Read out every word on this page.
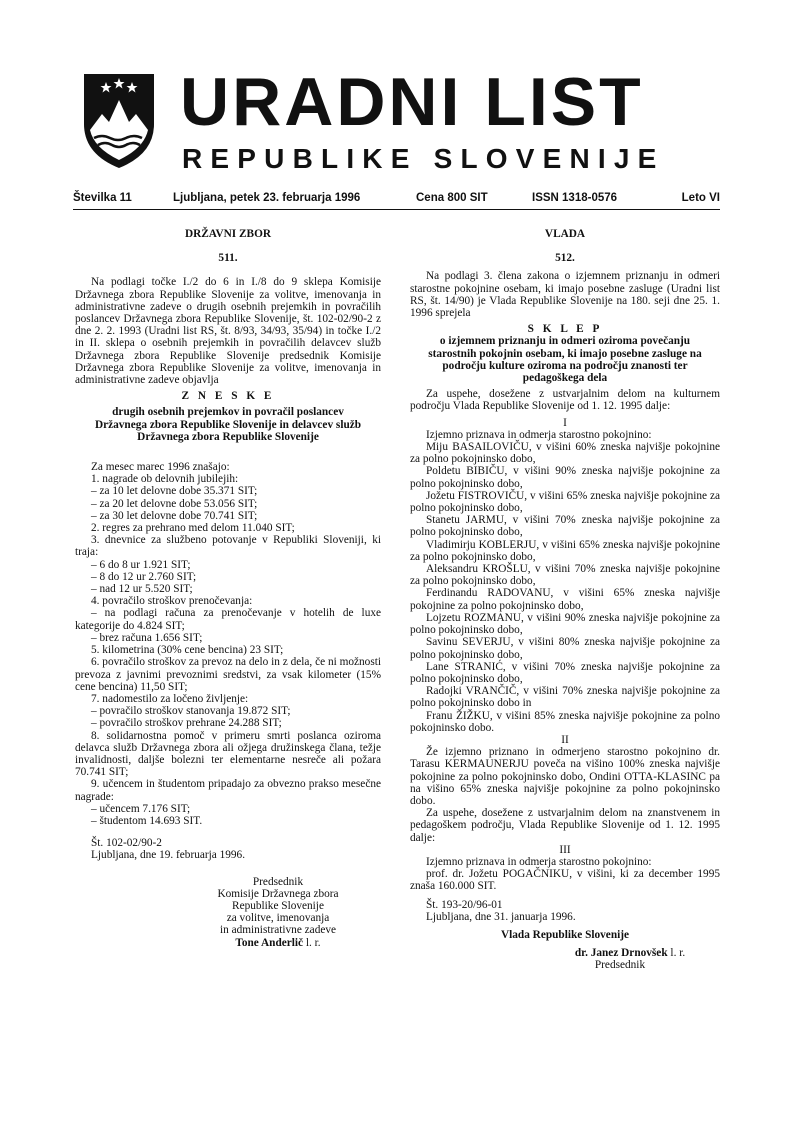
URADNI LIST
REPUBLIKE SLOVENIJE
Številka 11	Ljubljana, petek 23. februarja 1996	Cena 800 SIT	ISSN 1318-0576	Leto VI

DRŽAVNI ZBOR

511.

Na podlagi točke I./2 do 6 in I./8 do 9 sklepa Komisije Državnega zbora Republike Slovenije za volitve, imenovanja in administrativne zadeve o drugih osebnih prejemkih in povračilih poslancev Državnega zbora Republike Slovenije, št. 102-02/90-2 z dne 2. 2. 1993 (Uradni list RS, št. 8/93, 34/93, 35/94) in točke I./2 in II. sklepa o osebnih prejemkih in povračilih delavcev služb Državnega zbora Republike Slovenije predsednik Komisije Državnega zbora Republike Slovenije za volitve, imenovanja in administrativne zadeve objavlja

Z N E S K E

drugih osebnih prejemkov in povračil poslancev Državnega zbora Republike Slovenije in delavcev služb Državnega zbora Republike Slovenije

Za mesec marec 1996 znašajo:

1. nagrade ob delovnih jubilejih:

– za 10 let delovne dobe 35.371 SIT;

– za 20 let delovne dobe 53.056 SIT;

– za 30 let delovne dobe 70.741 SIT;

2. regres za prehrano med delom 11.040 SIT;

3. dnevnice za službeno potovanje v Republiki Sloveniji, ki traja:

– 6 do 8 ur 1.921 SIT;

– 8 do 12 ur 2.760 SIT;

– nad 12 ur 5.520 SIT;

4. povračilo stroškov prenočevanja:

– na podlagi računa za prenočevanje v hotelih de luxe kategorije do 4.824 SIT;

– brez računa 1.656 SIT;

5. kilometrina (30% cene bencina) 23 SIT;

6. povračilo stroškov za prevoz na delo in z dela, če ni možnosti prevoza z javnimi prevoznimi sredstvi, za vsak kilometer (15% cene bencina) 11,50 SIT;

7. nadomestilo za ločeno življenje:

– povračilo stroškov stanovanja 19.872 SIT;

– povračilo stroškov prehrane 24.288 SIT;

8. solidarnostna pomoč v primeru smrti poslanca oziroma delavca služb Državnega zbora ali ožjega družinskega člana, težje invalidnosti, daljše bolezni ter elementarne nesreče ali požara 70.741 SIT;

9. učencem in študentom pripadajo za obvezno prakso mesečne nagrade:

– učencem 7.176 SIT;

– študentom 14.693 SIT.

Št. 102-02/90-2

Ljubljana, dne 19. februarja 1996.

Predsednik

Komisije Državnega zbora

Republike Slovenije

za volitve, imenovanja

in administrativne zadeve

Tone Anderlič l. r.

VLADA

512.

Na podlagi 3. člena zakona o izjemnem priznanju in odmeri starostne pokojnine osebam, ki imajo posebne zasluge (Uradni list RS, št. 14/90) je Vlada Republike Slovenije na 180. seji dne 25. 1. 1996 sprejela

S K L E P

o izjemnem priznanju in odmeri oziroma povečanju starostnih pokojnin osebam, ki imajo posebne zasluge na področju kulture oziroma na področju znanosti ter pedagoškega dela

Za uspehe, dosežene z ustvarjalnim delom na kulturnem področju Vlada Republike Slovenije od 1. 12. 1995 dalje:

I

Izjemno priznava in odmerja starostno pokojnino:

Miju BASAILOVIČU, v višini 60% zneska najvišje pokojnine za polno pokojninsko dobo,

Poldetu BIBIČU, v višini 90% zneska najvišje pokojnine za polno pokojninsko dobo,

Jožetu FISTROVIČU, v višini 65% zneska najvišje pokojnine za polno pokojninsko dobo,

Stanetu JARMU, v višini 70% zneska najvišje pokojnine za polno pokojninsko dobo,

Vladimirju KOBLERJU, v višini 65% zneska najvišje pokojnine za polno pokojninsko dobo,

Aleksandru KROŠLU, v višini 70% zneska najvišje pokojnine za polno pokojninsko dobo,

Ferdinandu RADOVANU, v višini 65% zneska najvišje pokojnine za polno pokojninsko dobo,

Lojzetu ROZMANU, v višini 90% zneska najvišje pokojnine za polno pokojninsko dobo,

Savinu SEVERJU, v višini 80% zneska najvišje pokojnine za polno pokojninsko dobo,

Lane STRANIĆ, v višini 70% zneska najvišje pokojnine za polno pokojninsko dobo,

Radojki VRANČIČ, v višini 70% zneska najvišje pokojnine za polno pokojninsko dobo in

Franu ŽIŽKU, v višini 85% zneska najvišje pokojnine za polno pokojninsko dobo.

II

Že izjemno priznano in odmerjeno starostno pokojnino dr. Tarasu KERMAUNERJU poveča na višino 100% zneska najvišje pokojnine za polno pokojninsko dobo, Ondini OTTA-KLASINC pa na višino 65% zneska najvišje pokojnine za polno pokojninsko dobo.

Za uspehe, dosežene z ustvarjalnim delom na znanstvenem in pedagoškem področju, Vlada Republike Slovenije od 1. 12. 1995 dalje:

III

Izjemno priznava in odmerja starostno pokojnino:

prof. dr. Jožetu POGAČNIKU, v višini, ki za december 1995 znaša 160.000 SIT.

Št. 193-20/96-01

Ljubljana, dne 31. januarja 1996.

Vlada Republike Slovenije

dr. Janez Drnovšek l. r.

Predsednik
